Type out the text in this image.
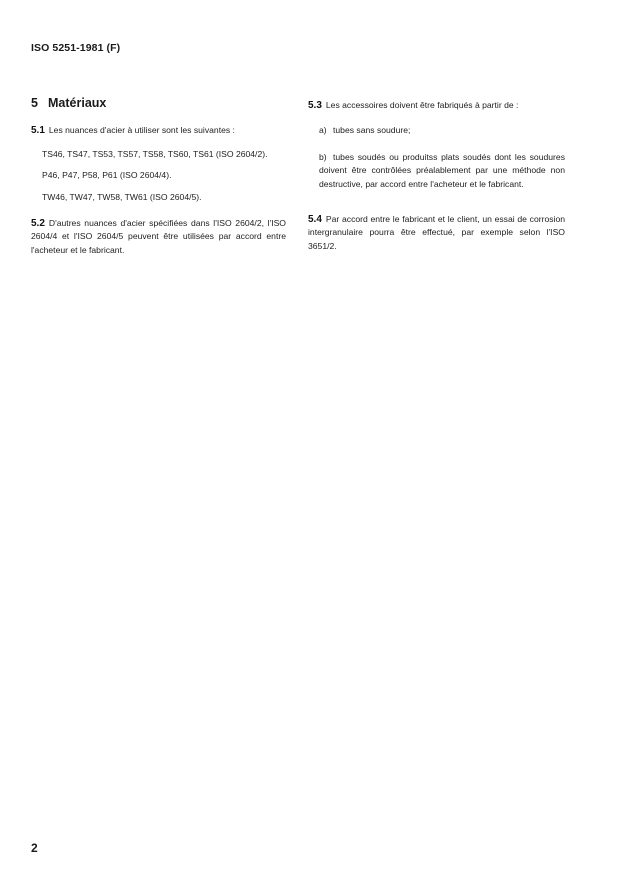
ISO 5251-1981 (F)
5 Matériaux
5.1 Les nuances d'acier à utiliser sont les suivantes :
TS46, TS47, TS53, TS57, TS58, TS60, TS61 (ISO 2604/2).
P46, P47, P58, P61 (ISO 2604/4).
TW46, TW47, TW58, TW61 (ISO 2604/5).
5.2 D'autres nuances d'acier spécifiées dans l'ISO 2604/2, l'ISO 2604/4 et l'ISO 2604/5 peuvent être utilisées par accord entre l'acheteur et le fabricant.
5.3 Les accessoires doivent être fabriqués à partir de :
a) tubes sans soudure;
b) tubes soudés ou produitss plats soudés dont les soudures doivent être contrôlées préalablement par une méthode non destructive, par accord entre l'acheteur et le fabricant.
5.4 Par accord entre le fabricant et le client, un essai de corrosion intergranulaire pourra être effectué, par exemple selon l'ISO 3651/2.
2
